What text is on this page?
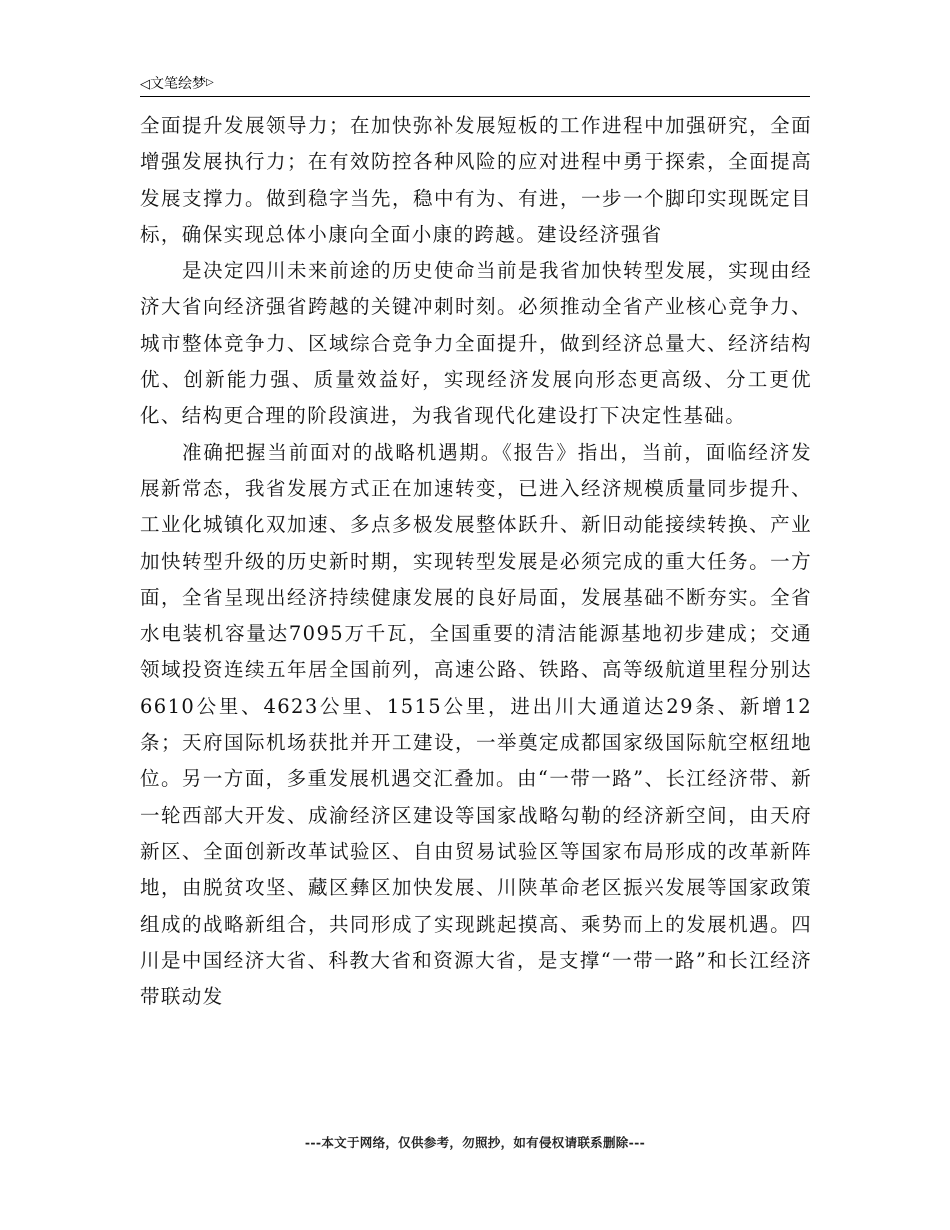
◁文笔绘梦▷

全面提升发展领导力；在加快弥补发展短板的工作进程中加强研究，全面增强发展执行力；在有效防控各种风险的应对进程中勇于探索，全面提高发展支撑力。做到稳字当先，稳中有为、有进，一步一个脚印实现既定目标，确保实现总体小康向全面小康的跨越。建设经济强省

是决定四川未来前途的历史使命当前是我省加快转型发展，实现由经济大省向经济强省跨越的关键冲刺时刻。必须推动全省产业核心竞争力、城市整体竞争力、区域综合竞争力全面提升，做到经济总量大、经济结构优、创新能力强、质量效益好，实现经济发展向形态更高级、分工更优化、结构更合理的阶段演进，为我省现代化建设打下决定性基础。

准确把握当前面对的战略机遇期。《报告》指出，当前，面临经济发展新常态，我省发展方式正在加速转变，已进入经济规模质量同步提升、工业化城镇化双加速、多点多极发展整体跃升、新旧动能接续转换、产业加快转型升级的历史新时期，实现转型发展是必须完成的重大任务。一方面，全省呈现出经济持续健康发展的良好局面，发展基础不断夯实。全省水电装机容量达7095万千瓦，全国重要的清洁能源基地初步建成；交通领域投资连续五年居全国前列，高速公路、铁路、高等级航道里程分别达6610公里、4623公里、1515公里，进出川大通道达29条、新增12条；天府国际机场获批并开工建设，一举奠定成都国家级国际航空枢纽地位。另一方面，多重发展机遇交汇叠加。由“一带一路”、长江经济带、新一轮西部大开发、成渝经济区建设等国家战略勾勒的经济新空间，由天府新区、全面创新改革试验区、自由贸易试验区等国家布局形成的改革新阵地，由脱贫攻坚、藏区彝区加快发展、川陕革命老区振兴发展等国家政策组成的战略新组合，共同形成了实现跳起摸高、乘势而上的发展机遇。四川是中国经济大省、科教大省和资源大省，是支撑“一带一路”和长江经济带联动发

---本文于网络，仅供参考，勿照抄，如有侵权请联系删除---
